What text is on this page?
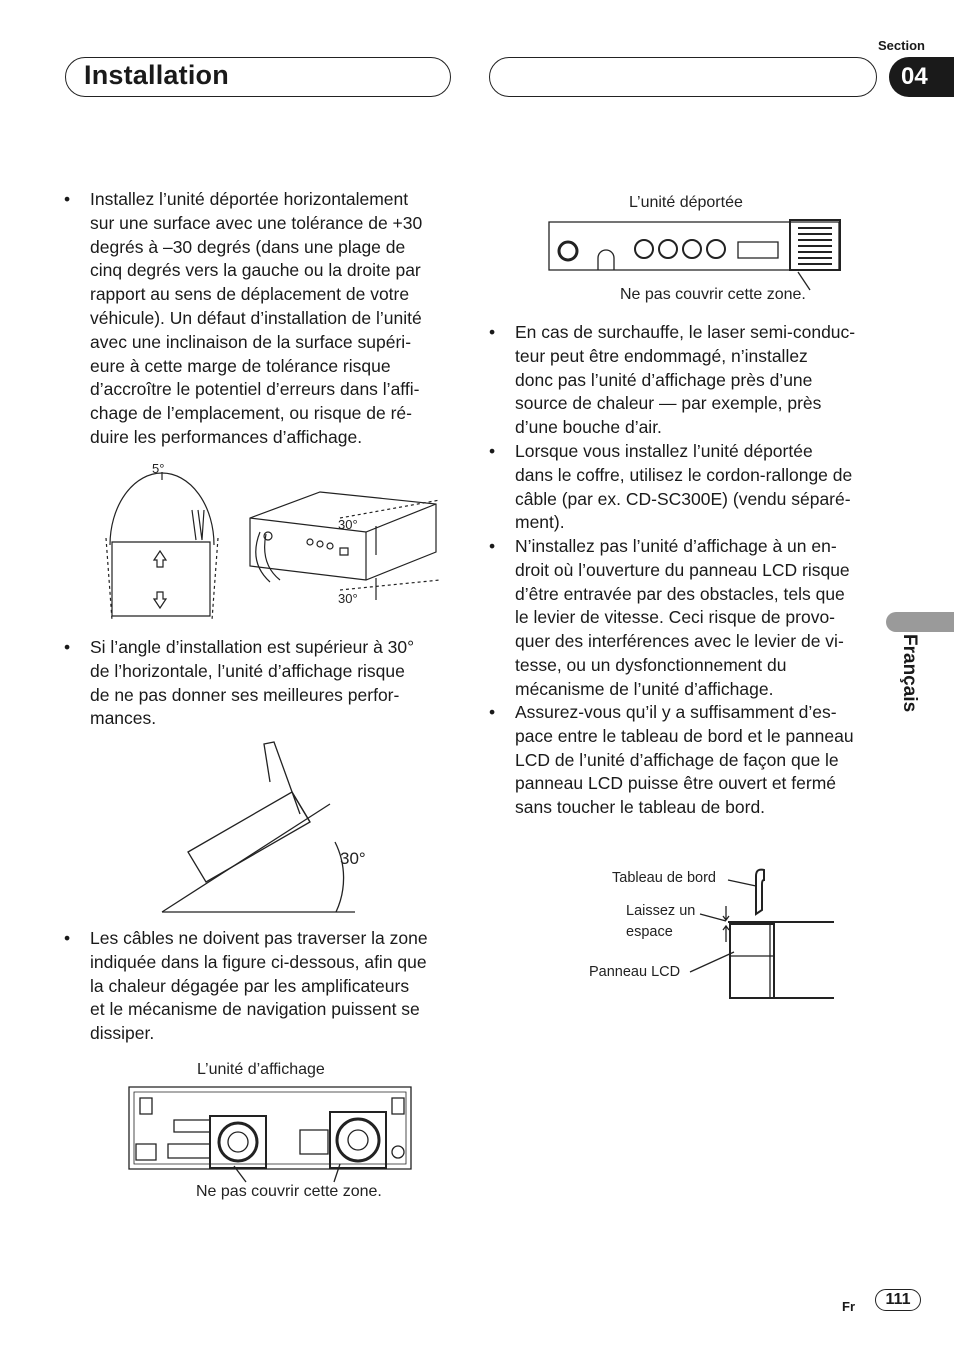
Installation
Section
04
• Installez l’unité déportée horizontalement
sur une surface avec une tolérance de +30
degrés à –30 degrés (dans une plage de
cinq degrés vers la gauche ou la droite par
rapport au sens de déplacement de votre
véhicule). Un défaut d’installation de l’unité
avec une inclinaison de la surface supéri-
eure à cette marge de tolérance risque
d’accroître le potentiel d’erreurs dans l’affi-
chage de l’emplacement, ou risque de ré-
duire les performances d’affichage.
5°
30°
30°
• Si l’angle d’installation est supérieur à 30°
de l’horizontale, l’unité d’affichage risque
de ne pas donner ses meilleures perfor-
mances.
30°
• Les câbles ne doivent pas traverser la zone
indiquée dans la figure ci-dessous, afin que
la chaleur dégagée par les amplificateurs
et le mécanisme de navigation puissent se
dissiper.
L’unité d’affichage
Ne pas couvrir cette zone.
L’unité déportée
Ne pas couvrir cette zone.
• En cas de surchauffe, le laser semi-conduc-
teur peut être endommagé, n’installez
donc pas l’unité d’affichage près d’une
source de chaleur — par exemple, près
d’une bouche d’air.
• Lorsque vous installez l’unité déportée
dans le coffre, utilisez le cordon-rallonge de
câble (par ex. CD-SC300E) (vendu séparé-
ment).
• N’installez pas l’unité d’affichage à un en-
droit où l’ouverture du panneau LCD risque
d’être entravée par des obstacles, tels que
le levier de vitesse. Ceci risque de provo-
quer des interférences avec le levier de vi-
tesse, ou un dysfonctionnement du
mécanisme de l’unité d’affichage.
• Assurez-vous qu’il y a suffisamment d’es-
pace entre le tableau de bord et le panneau
LCD de l’unité d’affichage de façon que le
panneau LCD puisse être ouvert et fermé
sans toucher le tableau de bord.
Tableau de bord
Laissez un
espace
Panneau LCD
Français
Fr	111
